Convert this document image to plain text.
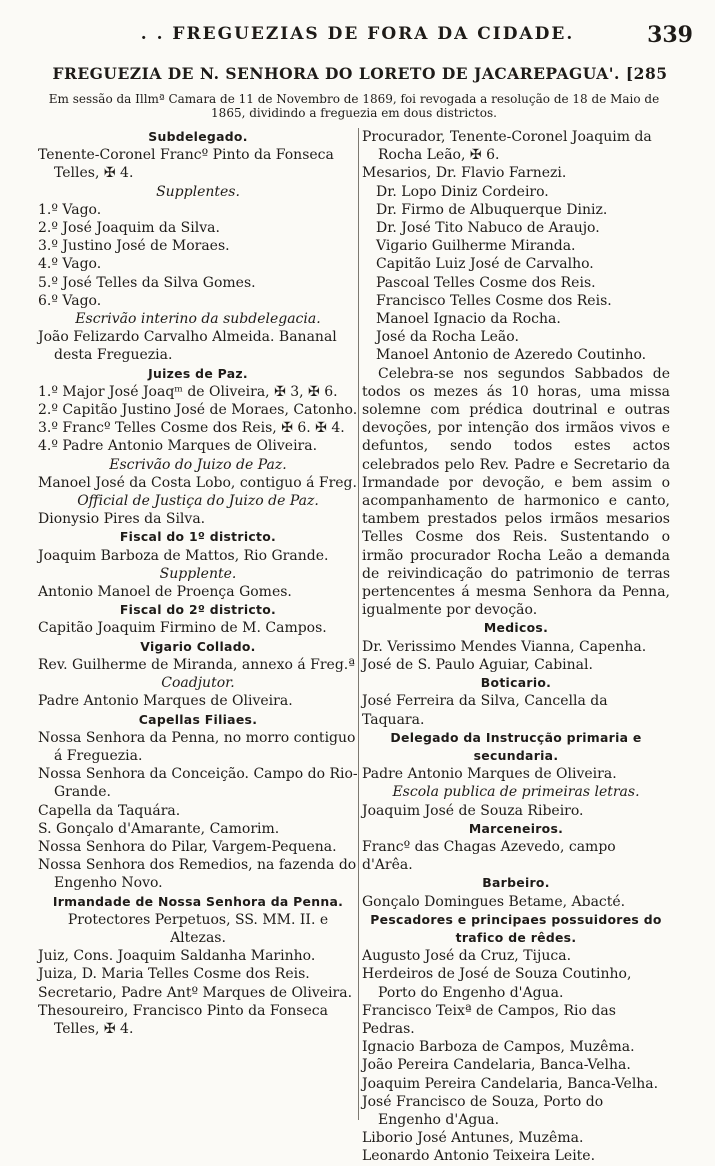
. . FREGUEZIAS DE FORA DA CIDADE.	339
FREGUEZIA DE N. SENHORA DO LORETO DE JACAREPAGUA'. [285
Em sessão da Illmª Camara de 11 de Novembro de 1869, foi revogada a resolução de 18 de Maio de 1865, dividindo a freguezia em dous districtos.

Subdelegado.

Tenente-Coronel Francº Pinto da Fonseca Telles, ✠ 4.

Supplentes.

1.º Vago.

2.º José Joaquim da Silva.

3.º Justino José de Moraes.

4.º Vago.

5.º José Telles da Silva Gomes.

6.º Vago.

Escrivão interino da subdelegacia.

João Felizardo Carvalho Almeida. Bananal desta Freguezia.

Juizes de Paz.

1.º Major José Joaqᵐ de Oliveira, ✠ 3, ✠ 6.

2.º Capitão Justino José de Moraes, Catonho.

3.º Francº Telles Cosme dos Reis, ✠ 6. ✠ 4.

4.º Padre Antonio Marques de Oliveira.

Escrivão do Juizo de Paz.

Manoel José da Costa Lobo, contiguo á Freg.

Official de Justiça do Juizo de Paz.

Dionysio Pires da Silva.

Fiscal do 1º districto.

Joaquim Barboza de Mattos, Rio Grande.

Supplente.

Antonio Manoel de Proença Gomes.

Fiscal do 2º districto.

Capitão Joaquim Firmino de M. Campos.

Vigario Collado.

Rev. Guilherme de Miranda, annexo á Freg.ª

Coadjutor.

Padre Antonio Marques de Oliveira.

Capellas Filiaes.

Nossa Senhora da Penna, no morro contiguo á Freguezia.

Nossa Senhora da Conceição. Campo do Rio-Grande.

Capella da Taquára.

S. Gonçalo d'Amarante, Camorim.

Nossa Senhora do Pilar, Vargem-Pequena.

Nossa Senhora dos Remedios, na fazenda do Engenho Novo.

Irmandade de Nossa Senhora da Penna.

Protectores Perpetuos, SS. MM. II. e Altezas.

Juiz, Cons. Joaquim Saldanha Marinho.

Juiza, D. Maria Telles Cosme dos Reis.

Secretario, Padre Antº Marques de Oliveira.

Thesoureiro, Francisco Pinto da Fonseca Telles, ✠ 4.

Procurador, Tenente-Coronel Joaquim da Rocha Leão, ✠ 6.

Mesarios, Dr. Flavio Farnezi.

Dr. Lopo Diniz Cordeiro.

Dr. Firmo de Albuquerque Diniz.

Dr. José Tito Nabuco de Araujo.

Vigario Guilherme Miranda.

Capitão Luiz José de Carvalho.

Pascoal Telles Cosme dos Reis.

Francisco Telles Cosme dos Reis.

Manoel Ignacio da Rocha.

José da Rocha Leão.

Manoel Antonio de Azeredo Coutinho.

Celebra-se nos segundos Sabbados de todos os mezes ás 10 horas, uma missa solemne com prédica doutrinal e outras devoções, por intenção dos irmãos vivos e defuntos, sendo todos estes actos celebrados pelo Rev. Padre e Secretario da Irmandade por devoção, e bem assim o acompanhamento de harmonico e canto, tambem prestados pelos irmãos mesarios Telles Cosme dos Reis. Sustentando o irmão procurador Rocha Leão a demanda de reivindicação do patrimonio de terras pertencentes á mesma Senhora da Penna, igualmente por devoção.

Medicos.

Dr. Verissimo Mendes Vianna, Capenha.

José de S. Paulo Aguiar, Cabinal.

Boticario.

José Ferreira da Silva, Cancella da Taquara.

Delegado da Instrucção primaria e secundaria.

Padre Antonio Marques de Oliveira.

Escola publica de primeiras letras.

Joaquim José de Souza Ribeiro.

Marceneiros.

Francº das Chagas Azevedo, campo d'Arêa.

Barbeiro.

Gonçalo Domingues Betame, Abacté.

Pescadores e principaes possuidores do trafico de rêdes.

Augusto José da Cruz, Tijuca.

Herdeiros de José de Souza Coutinho, Porto do Engenho d'Agua.

Francisco Teixª de Campos, Rio das Pedras.

Ignacio Barboza de Campos, Muzêma.

João Pereira Candelaria, Banca-Velha.

Joaquim Pereira Candelaria, Banca-Velha.

José Francisco de Souza, Porto do Engenho d'Agua.

Liborio José Antunes, Muzêma.

Leonardo Antonio Teixeira Leite.
